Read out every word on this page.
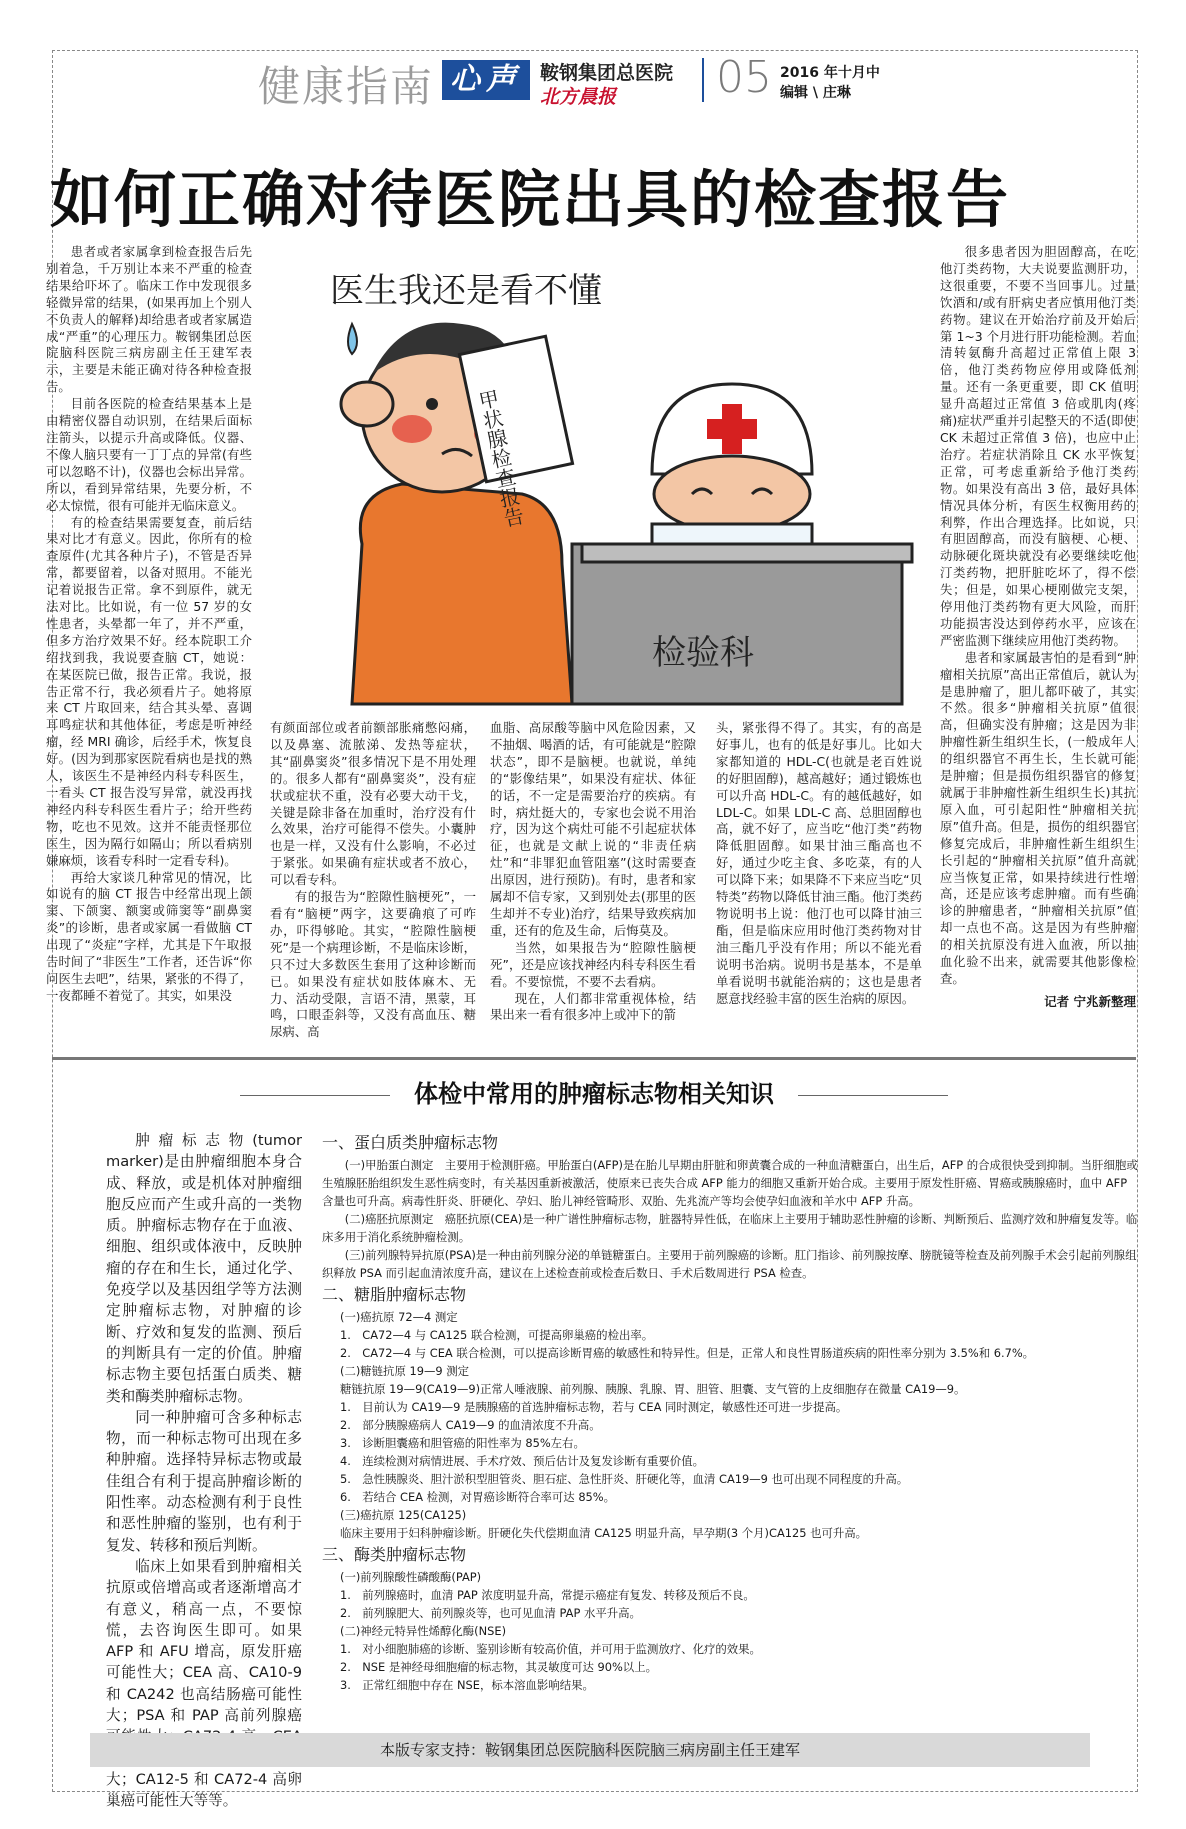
健康指南 心声 鞍钢集团总医院
北方晨报 05 2016 年十月中
编辑 \ 庄琳
如何正确对待医院出具的检查报告
医生我还是看不懂
甲状腺检查报告
检验科

患者或者家属拿到检查报告后先别着急，千万别让本来不严重的检查结果给吓坏了。临床工作中发现很多轻微异常的结果，(如果再加上个别人不负责人的解释)却给患者或者家属造成“严重”的心理压力。鞍钢集团总医院脑科医院三病房副主任王建军表示，主要是未能正确对待各种检查报告。

目前各医院的检查结果基本上是由精密仪器自动识别，在结果后面标注箭头，以提示升高或降低。仪器、不像人脑只要有一丁丁点的异常(有些可以忽略不计)，仪器也会标出异常。所以，看到异常结果，先要分析，不必太惊慌，很有可能并无临床意义。

有的检查结果需要复查，前后结果对比才有意义。因此，你所有的检查原件(尤其各种片子)，不管是否异常，都要留着，以备对照用。不能光记着说报告正常。拿不到原件，就无法对比。比如说，有一位 57 岁的女性患者，头晕都一年了，并不严重，但多方治疗效果不好。经本院职工介绍找到我，我说要查脑 CT，她说：在某医院已做，报告正常。我说，报告正常不行，我必须看片子。她将原来 CT 片取回来，结合其头晕、喜调耳鸣症状和其他体征，考虑是听神经瘤，经 MRI 确诊，后经手术，恢复良好。(因为到那家医院看病也是找的熟人，该医生不是神经内科专科医生，一看头 CT 报告没写异常，就没再找神经内科专科医生看片子；给开些药物，吃也不见效。这并不能责怪那位医生，因为隔行如隔山；所以看病别嫌麻烦，该看专科时一定看专科)。

再给大家谈几种常见的情况，比如说有的脑 CT 报告中经常出现上颌窦、下颌窦、额窦或筛窦等“副鼻窦炎”的诊断，患者或家属一看做脑 CT 出现了“炎症”字样，尤其是下午取报告时间了“非医生”工作者，还告诉“你问医生去吧”，结果，紧张的不得了，一夜都睡不着觉了。其实，如果没

有颜面部位或者前额部胀痛憋闷痛，以及鼻塞、流脓涕、发热等症状，其“副鼻窦炎”很多情况下是不用处理的。很多人都有“副鼻窦炎”，没有症状或症状不重，没有必要大动干戈，关键是除非备在加重时，治疗没有什么效果，治疗可能得不偿失。小囊肿也是一样，又没有什么影响，不必过于紧张。如果确有症状或者不放心，可以看专科。

有的报告为“腔隙性脑梗死”，一看有“脑梗”两字，这要确痕了可咋办，吓得够呛。其实，“腔隙性脑梗死”是一个病理诊断，不是临床诊断，只不过大多数医生套用了这种诊断而已。如果没有症状如肢体麻木、无力、活动受限，言语不清，黑蒙，耳鸣，口眼歪斜等，又没有高血压、糖尿病、高

血脂、高尿酸等脑中风危险因素，又不抽烟、喝酒的话，有可能就是“腔隙状态”，即不是脑梗。也就说，单纯的“影像结果”，如果没有症状、体征的话，不一定是需要治疗的疾病。有时，病灶挺大的，专家也会说不用治疗，因为这个病灶可能不引起症状体征，也就是文献上说的“非责任病灶”和“非罪犯血管阻塞”(这时需要查出原因，进行预防)。有时，患者和家属却不信专家，又到别处去(那里的医生却并不专业)治疗，结果导致疾病加重，还有的危及生命，后悔莫及。

当然，如果报告为“腔隙性脑梗死”，还是应该找神经内科专科医生看看。不要惊慌，不要不去看病。

现在，人们都非常重视体检，结果出来一看有很多冲上或冲下的箭

头，紧张得不得了。其实，有的高是好事儿，也有的低是好事儿。比如大家都知道的 HDL-C(也就是老百姓说的好胆固醇)，越高越好；通过锻炼也可以升高 HDL-C。有的越低越好，如 LDL-C。如果 LDL-C 高、总胆固醇也高，就不好了，应当吃“他汀类”药物降低胆固醇。如果甘油三酯高也不好，通过少吃主食、多吃菜，有的人可以降下来；如果降不下来应当吃“贝特类”药物以降低甘油三酯。他汀类药物说明书上说：他汀也可以降甘油三酯，但是临床应用时他汀类药物对甘油三酯几乎没有作用；所以不能光看说明书治病。说明书是基本，不是单单看说明书就能治病的；这也是患者愿意找经验丰富的医生治病的原因。

很多患者因为胆固醇高，在吃他汀类药物，大夫说要监测肝功，这很重要，不要不当回事儿。过量饮酒和/或有肝病史者应慎用他汀类药物。建议在开始治疗前及开始后第 1~3 个月进行肝功能检测。若血清转氨酶升高超过正常值上限 3 倍，他汀类药物应停用或降低剂量。还有一条更重要，即 CK 值明显升高超过正常值 3 倍或肌肉(疼痛)症状严重并引起整天的不适(即使 CK 未超过正常值 3 倍)，也应中止治疗。若症状消除且 CK 水平恢复正常，可考虑重新给予他汀类药物。如果没有高出 3 倍，最好具体情况具体分析，有医生权衡用药的利弊，作出合理选择。比如说，只有胆固醇高，而没有脑梗、心梗、动脉硬化斑块就没有必要继续吃他汀类药物，把肝脏吃坏了，得不偿失；但是，如果心梗刚做完支架，停用他汀类药物有更大风险，而肝功能损害没达到停药水平，应该在严密监测下继续应用他汀类药物。

患者和家属最害怕的是看到“肿瘤相关抗原”高出正常值后，就认为是患肿瘤了，胆儿都吓破了，其实不然。很多“肿瘤相关抗原”值很高，但确实没有肿瘤；这是因为非肿瘤性新生组织生长，(一般成年人的组织器官不再生长，生长就可能是肿瘤；但是损伤组织器官的修复就属于非肿瘤性新生组织生长)其抗原入血，可引起阳性“肿瘤相关抗原”值升高。但是，损伤的组织器官修复完成后，非肿瘤性新生组织生长引起的“肿瘤相关抗原”值升高就应当恢复正常，如果持续进行性增高，还是应该考虑肿瘤。而有些确诊的肿瘤患者，“肿瘤相关抗原”值却一点也不高。这是因为有些肿瘤的相关抗原没有进入血液，所以抽血化验不出来，就需要其他影像检查。

记者 宁兆新整理
体检中常用的肿瘤标志物相关知识

肿瘤标志物(tumor marker)是由肿瘤细胞本身合成、释放，或是机体对肿瘤细胞反应而产生或升高的一类物质。肿瘤标志物存在于血液、细胞、组织或体液中，反映肿瘤的存在和生长，通过化学、免疫学以及基因组学等方法测定肿瘤标志物，对肿瘤的诊断、疗效和复发的监测、预后的判断具有一定的价值。肿瘤标志物主要包括蛋白质类、糖类和酶类肿瘤标志物。

同一种肿瘤可含多种标志物，而一种标志物可出现在多种肿瘤。选择特异标志物或最佳组合有利于提高肿瘤诊断的阳性率。动态检测有利于良性和恶性肿瘤的鉴别，也有利于复发、转移和预后判断。

临床上如果看到肿瘤相关抗原或倍增高或者逐渐增高才有意义，稍高一点，不要惊慌，去咨询医生即可。如果 AFP 和 AFU 增高，原发肝癌可能性大；CEA 高、CA10-9 和 CA242 也高结肠癌可能性大；PSA 和 PAP 高前列腺癌 大；CA12-5 和 CA72-4 高卵巢癌可能性大等等。

一、蛋白质类肿瘤标志物

(一)甲胎蛋白测定　主要用于检测肝癌。甲胎蛋白(AFP)是在胎儿早期由肝脏和卵黄囊合成的一种血清糖蛋白，出生后，AFP 的合成很快受到抑制。当肝细胞或生殖腺胚胎组织发生恶性病变时，有关基因重新被激活，使原来已丧失合成 AFP 能力的细胞又重新开始合成。主要用于原发性肝癌、胃癌或胰腺癌时，血中 AFP 含量也可升高。病毒性肝炎、肝硬化、孕妇、胎儿神经管畸形、双胎、先兆流产等均会使孕妇血液和羊水中 AFP 升高。

(二)癌胚抗原测定　癌胚抗原(CEA)是一种广谱性肿瘤标志物，脏器特异性低，在临床上主要用于辅助恶性肿瘤的诊断、判断预后、监测疗效和肿瘤复发等。临床多用于消化系统肿瘤检测。

(三)前列腺特异抗原(PSA)是一种由前列腺分泌的单链糖蛋白。主要用于前列腺癌的诊断。肛门指诊、前列腺按摩、膀胱镜等检查及前列腺手术会引起前列腺组织释放 PSA 而引起血清浓度升高，建议在上述检查前或检查后数日、手术后数周进行 PSA 检查。

二、糖脂肿瘤标志物

(一)癌抗原 72—4 测定

1.　CA72—4 与 CA125 联合检测，可提高卵巢癌的检出率。

2.　CA72—4 与 CEA 联合检测，可以提高诊断胃癌的敏感性和特异性。但是，正常人和良性胃肠道疾病的阳性率分别为 3.5%和 6.7%。

(二)糖链抗原 19—9 测定

糖链抗原 19—9(CA19—9)正常人唾液腺、前列腺、胰腺、乳腺、胃、胆管、胆囊、支气管的上皮细胞存在微量 CA19—9。

1.　目前认为 CA19—9 是胰腺癌的首选肿瘤标志物，若与 CEA 同时测定，敏感性还可进一步提高。

2.　部分胰腺癌病人 CA19—9 的血清浓度不升高。

3.　诊断胆囊癌和胆管癌的阳性率为 85%左右。

4.　连续检测对病情进展、手术疗效、预后估计及复发诊断有重要价值。

5.　急性胰腺炎、胆汁淤积型胆管炎、胆石症、急性肝炎、肝硬化等，血清 CA19—9 也可出现不同程度的升高。

6.　若结合 CEA 检测，对胃癌诊断符合率可达 85%。

(三)癌抗原 125(CA125)

临床主要用于妇科肿瘤诊断。肝硬化失代偿期血清 CA125 明显升高，早孕期(3 个月)CA125 也可升高。

三、酶类肿瘤标志物

(一)前列腺酸性磷酸酶(PAP)

1.　前列腺癌时，血清 PAP 浓度明显升高，常提示癌症有复发、转移及预后不良。

2.　前列腺肥大、前列腺炎等，也可见血清 PAP 水平升高。

(二)神经元特异性烯醇化酶(NSE)

1.　对小细胞肺癌的诊断、鉴别诊断有较高价值，并可用于监测放疗、化疗的效果。

2.　NSE 是神经母细胞瘤的标志物，其灵敏度可达 90%以上。

3.　正常红细胞中存在 NSE，标本溶血影响结果。

本版专家支持：鞍钢集团总医院脑科医院脑三病房副主任王建军
